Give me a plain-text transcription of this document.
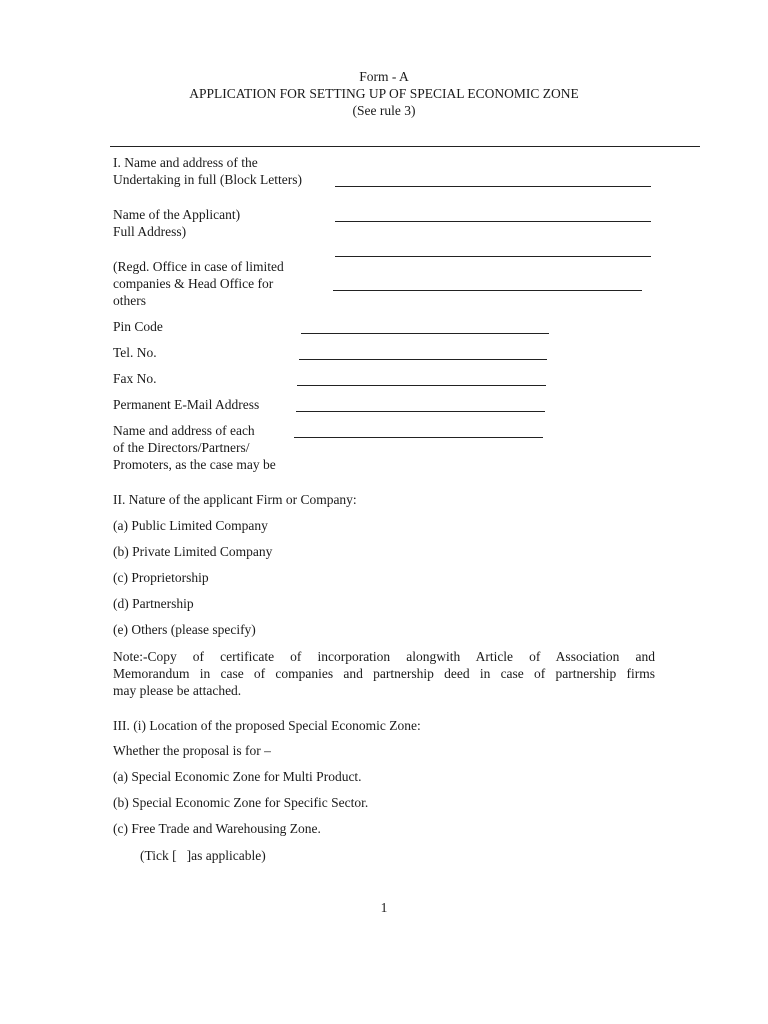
Form - A
APPLICATION FOR SETTING UP OF SPECIAL ECONOMIC ZONE
(See rule 3)
I. Name and address of the
Undertaking in full (Block Letters)
Name of the Applicant)
Full Address)
(Regd. Office in case of limited
companies & Head Office for
others
Pin Code
Tel. No.
Fax No.
Permanent E-Mail Address
Name and address of each
of the Directors/Partners/
Promoters, as the case may be
II. Nature of the applicant Firm or Company:
(a) Public Limited Company
(b) Private Limited Company
(c) Proprietorship
(d) Partnership
(e) Others (please specify)
Note:-Copy of certificate of incorporation alongwith Article of Association and
Memorandum in case of companies and partnership deed in case of partnership firms
may please be attached.
III. (i) Location of the proposed Special Economic Zone:
Whether the proposal is for –
(a) Special Economic Zone for Multi Product.
(b) Special Economic Zone for Specific Sector.
(c) Free Trade and Warehousing Zone.
(Tick [ ]as applicable)
1
